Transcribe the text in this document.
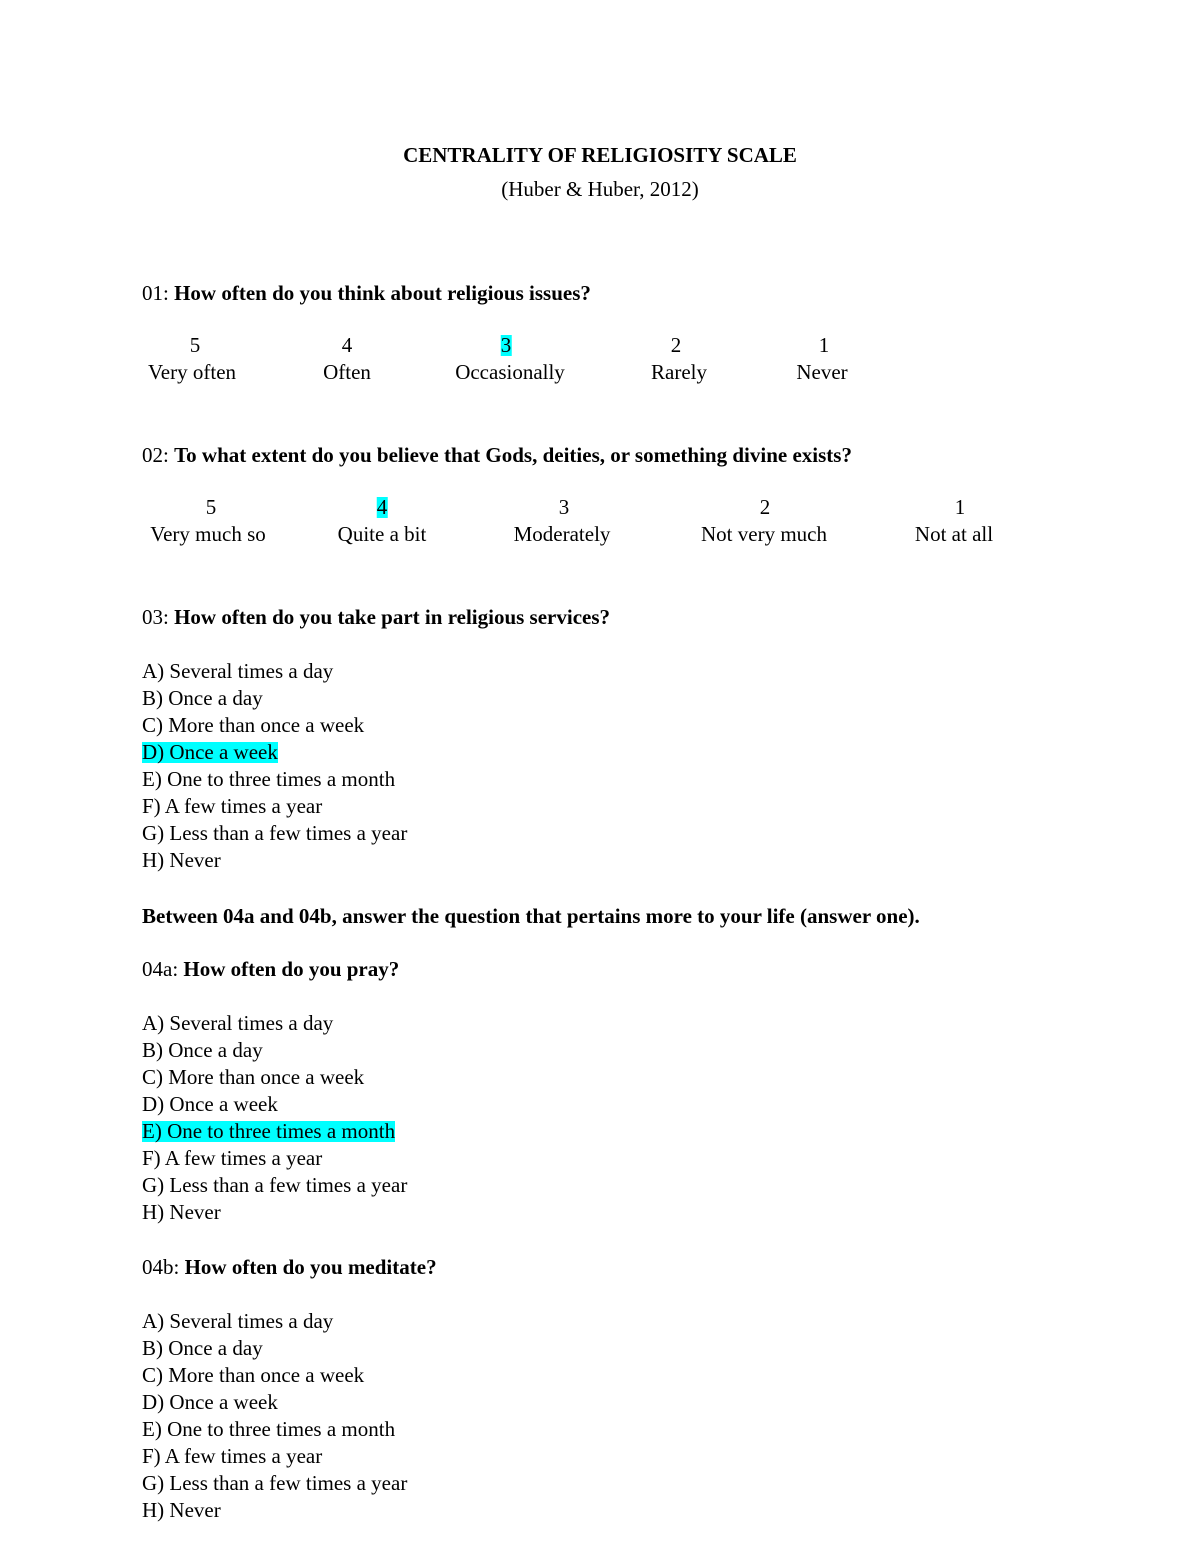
CENTRALITY OF RELIGIOSITY SCALE
(Huber & Huber, 2012)
01: How often do you think about religious issues?
5	4	3	2	1
Very often	Often	Occasionally	Rarely	Never
02: To what extent do you believe that Gods, deities, or something divine exists?
5	4	3	2	1
Very much so	Quite a bit	Moderately	Not very much	Not at all
03: How often do you take part in religious services?
A) Several times a day
B) Once a day
C) More than once a week
D) Once a week
E) One to three times a month
F) A few times a year
G) Less than a few times a year
H) Never
Between 04a and 04b, answer the question that pertains more to your life (answer one).
04a: How often do you pray?
A) Several times a day
B) Once a day
C) More than once a week
D) Once a week
E) One to three times a month
F) A few times a year
G) Less than a few times a year
H) Never
04b: How often do you meditate?
A) Several times a day
B) Once a day
C) More than once a week
D) Once a week
E) One to three times a month
F) A few times a year
G) Less than a few times a year
H) Never
